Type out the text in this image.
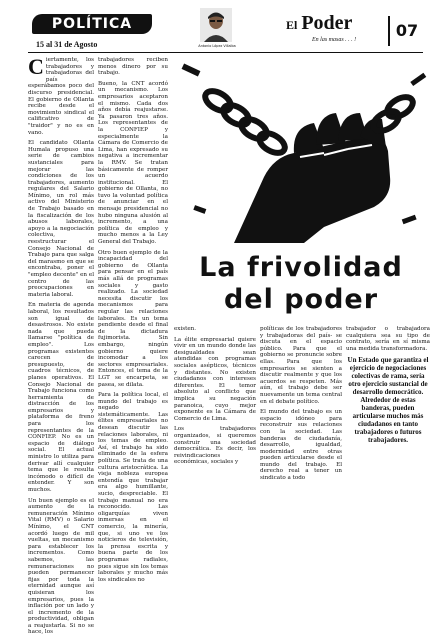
POLÍTICA
15 al 31 de Agosto	Antonio López Villalba
El Poder
En las masas . . . !	07

Ciertamente, los trabajadores y trabajadoras del país esperábamos poco del discurso presidencial. El gobierno de Ollanta recibe desde el movimiento sindical el calificativo de "traidor" y no es en vano.

El candidato Ollanta Humala propuso una serie de cambios sustanciales para mejorar las condiciones de los trabajadores, aumento regulares del Salario Mínimo, un rol más activo del Ministerio de Trabajo basado en la fiscalización de los abusos laborales, apoyo a la negociación colectiva, reestructurar el Consejo Nacional de Trabajo para que salga del marasmo en que se encontraba, poner el "empleo decente" en el centro de las preocupaciones en materia laboral.

En materia de agenda laboral, los resultados son igual de desastrosos. No existe nada que pueda llamarse "política de empleo". Los programas existentes carecen de presupuesto, de cuadros técnicos, de planes operativos. El Consejo Nacional de Trabajo funciona como herramienta de distracción de los empresarios y plataforma de freno para los representantes de la CONFIEP. No es un espacio de diálogo social. El actual ministro lo utiliza para derivar allí cualquier tema que le resulta incómodo o difícil de entender. Y son muchos.

Un buen ejemplo es el aumento de la remuneración Mínimo Vital (RMV) o Salario Mínimo, el CNT acordó luego de mil vueltas, un mecanismo para establecer los incrementos. Como sabemos, las remuneraciones no pueden permanecer fijas por toda la eternidad aunque así quisieran los empresarios, pues la inflación por un lado y el incremento de la productividad, obligan a reajustarla. Si no se hace, los

trabajadores reciben menos dinero por su trabajo.

Bueno, la CNT acordó un mecanismo. Los empresarios aceptaron el mismo. Cada dos años debía reajustarse. Ya pasaron tres años. Los representantes de la CONFIEP y especialmente la Cámara de Comercio de Lima, han expresado su negativa a incrementar la RMV. Se tratan básicamente de romper un acuerdo institucional. El gobierno de Ollanta, no tuvo la voluntad política de anunciar en el mensaje presidencial no hubo ninguna alusión al incremento, a una política de empleo y mucho menos a la Ley General del Trabajo.

Otro buen ejemplo de la incapacidad del gobierno de Ollanta para pensar en el país más allá de programas sociales y gasto realizado. La sociedad necesita discutir los mecanismos para regular las relaciones laborales. Es un tema pendiente desde el final de la dictadura fujimorista. Sin embargo, ningún gobierno quiere incomodar a los sectores empresariales. Entonces, el tema de la LGT se encarpeta, se pasea, se dilata.

Para la política local, el mundo del trabajo es negado sistemáticamente. Las élites empresariales no desean discutir las relaciones laborales, ni los temas de empleo. Así, el trabajo ha sido eliminado de la esfera política. Se trata de una cultura aristocrática. La vieja nobleza europea entendía que trabajar era algo humillante, sucio, despreciable. El trabajo manual no era reconocido. Las oligarquías viven inmersas en el comercio, la minería, que, si uno ve los noticieros de televisión, la prensa escrita y buena parte de los programas radiales, pues sigue sin los temas laborales y mucho más los sindicales no

La frivolidad
del poder

existen.

La élite empresarial quiere vivir en un mundo donde las desigualdades sean atendidas con programas sociales asépticos, técnicos y distantes. No existen ciudadanos con intereses diferentes. El temor absoluto al conflicto que implica su negación paranoica, cuyo mejor exponente es la Cámara de Comercio de Lima.

Los trabajadores organizados, si queremos construir una sociedad democrática. Es decir, los reivindicaciones económicas, sociales y

políticas de los trabajadores y trabajadoras del país- se discuta en el espacio público. Para que el gobierno se pronuncie sobre ellas. Para que los empresarios se sienten a discutir realmente y que los acuerdos se respeten. Más aún, el trabajo debe ser nuevamente un tema central en el debate político.

El mundo del trabajo es un espacio idóneo para reconstruir sus relaciones con la sociedad. Las banderas de ciudadanía, desarrollo, igualdad, modernidad entre otras pueden articularse desde el mundo del trabajo. El derecho real a tener un sindicato a todo

trabajador o trabajadora cualquiera sea su tipo de contrato, sería en sí misma una medida transformadora.

Un Estado que garantiza el ejercicio de negociaciones colectivas de rama, sería otro ejercicio sustancial de desarrollo democrático. Alrededor de estas banderas, pueden articularse muchos más ciudadanos en tanto trabajadores o futuros trabajadores.
